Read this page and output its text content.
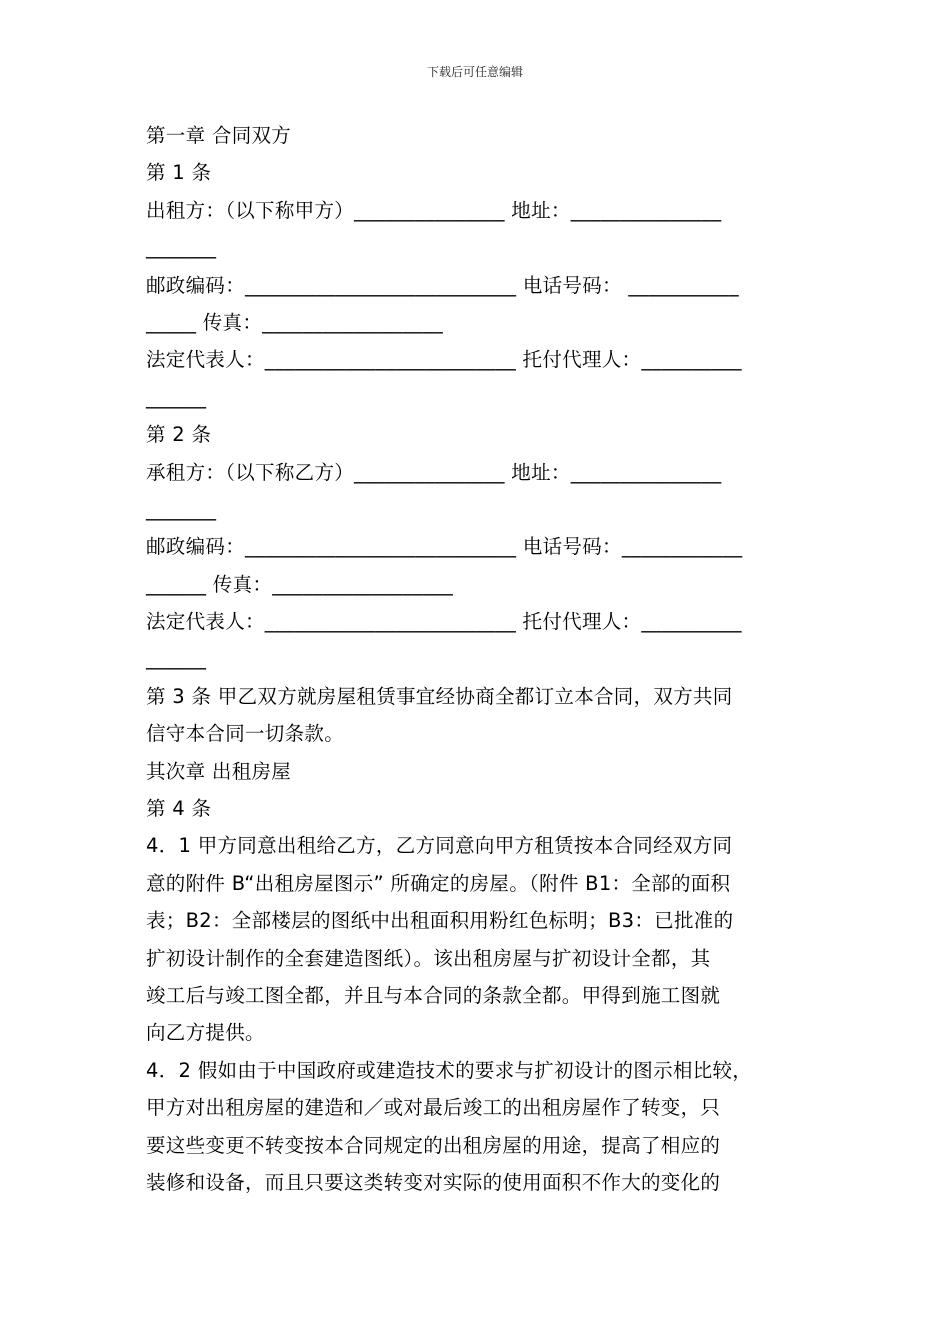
下载后可任意编辑
第一章 合同双方
第 1 条
出租方：（以下称甲方）_______________ 地址：_______________
_______
邮政编码：___________________________ 电话号码： ___________
_____ 传真：__________________
法定代表人：_________________________ 托付代理人：__________
______
第 2 条
承租方：（以下称乙方）_______________ 地址：_______________
_______
邮政编码：___________________________ 电话号码：____________
______ 传真：__________________
法定代表人：_________________________ 托付代理人：__________
______
第 3 条 甲乙双方就房屋租赁事宜经协商全都订立本合同，双方共同
信守本合同一切条款。
其次章 出租房屋
第 4 条
4．1 甲方同意出租给乙方，乙方同意向甲方租赁按本合同经双方同
意的附件 B“出租房屋图示” 所确定的房屋。（附件 B1：全部的面积
表；B2：全部楼层的图纸中出租面积用粉红色标明；B3：已批准的
扩初设计制作的全套建造图纸）。该出租房屋与扩初设计全都，其
竣工后与竣工图全都，并且与本合同的条款全都。甲得到施工图就
向乙方提供。
4．2 假如由于中国政府或建造技术的要求与扩初设计的图示相比较，
甲方对出租房屋的建造和／或对最后竣工的出租房屋作了转变，只
要这些变更不转变按本合同规定的出租房屋的用途，提高了相应的
装修和设备，而且只要这类转变对实际的使用面积不作大的变化的
